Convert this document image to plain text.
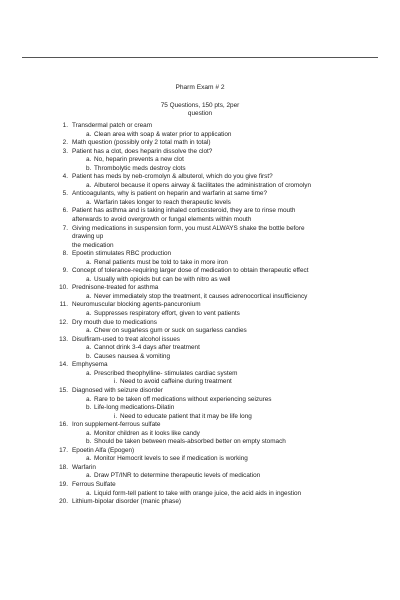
Pharm Exam # 2
75 Questions, 150 pts, 2per
question
1. Transdermal patch or cream
a. Clean area with soap & water prior to application
2. Math question (possibly only 2 total math in total)
3. Patient has a clot, does heparin dissolve the clot?
a. No, heparin prevents a new clot
b. Thrombolytic meds destroy clots
4. Patient has meds by neb-cromolyn & albuterol, which do you give first?
a. Albuterol because it opens airway & facilitates the administration of cromolyn
5. Anticoagulants, why is patient on heparin and warfarin at same time?
a. Warfarin takes longer to reach therapeutic levels
6. Patient has asthma and is taking inhaled corticosteroid, they are to rinse mouth
afterwards to avoid overgrowth or fungal elements within mouth
7. Giving medications in suspension form, you must ALWAYS shake the bottle before
drawing up
the medication
8. Epoetin stimulates RBC production
a. Renal patients must be told to take in more iron
9. Concept of tolerance-requiring larger dose of medication to obtain therapeutic effect
a. Usually with opioids but can be with nitro as well
10. Prednisone-treated for asthma
a. Never immediately stop the treatment, it causes adrenocortical insufficiency
11. Neuromuscular blocking agents-pancuronium
a. Suppresses respiratory effort, given to vent patients
12. Dry mouth due to medications
a. Chew on sugarless gum or suck on sugarless candies
13. Disulfiram-used to treat alcohol issues
a. Cannot drink 3-4 days after treatment
b. Causes nausea & vomiting
14. Emphysema
a. Prescribed theophylline- stimulates cardiac system
i. Need to avoid caffeine during treatment
15. Diagnosed with seizure disorder
a. Rare to be taken off medications without experiencing seizures
b. Life-long medications-Dilatin
i. Need to educate patient that it may be life long
16. Iron supplement-ferrous sulfate
a. Monitor children as it looks like candy
b. Should be taken between meals-absorbed better on empty stomach
17. Epoetin Alfa (Epogen)
a. Monitor Hemocrit levels to see if medication is working
18. Warfarin
a. Draw PT/INR to determine therapeutic levels of medication
19. Ferrous Sulfate
a. Liquid form-tell patient to take with orange juice, the acid aids in ingestion
20. Lithium-bipolar disorder (manic phase)
